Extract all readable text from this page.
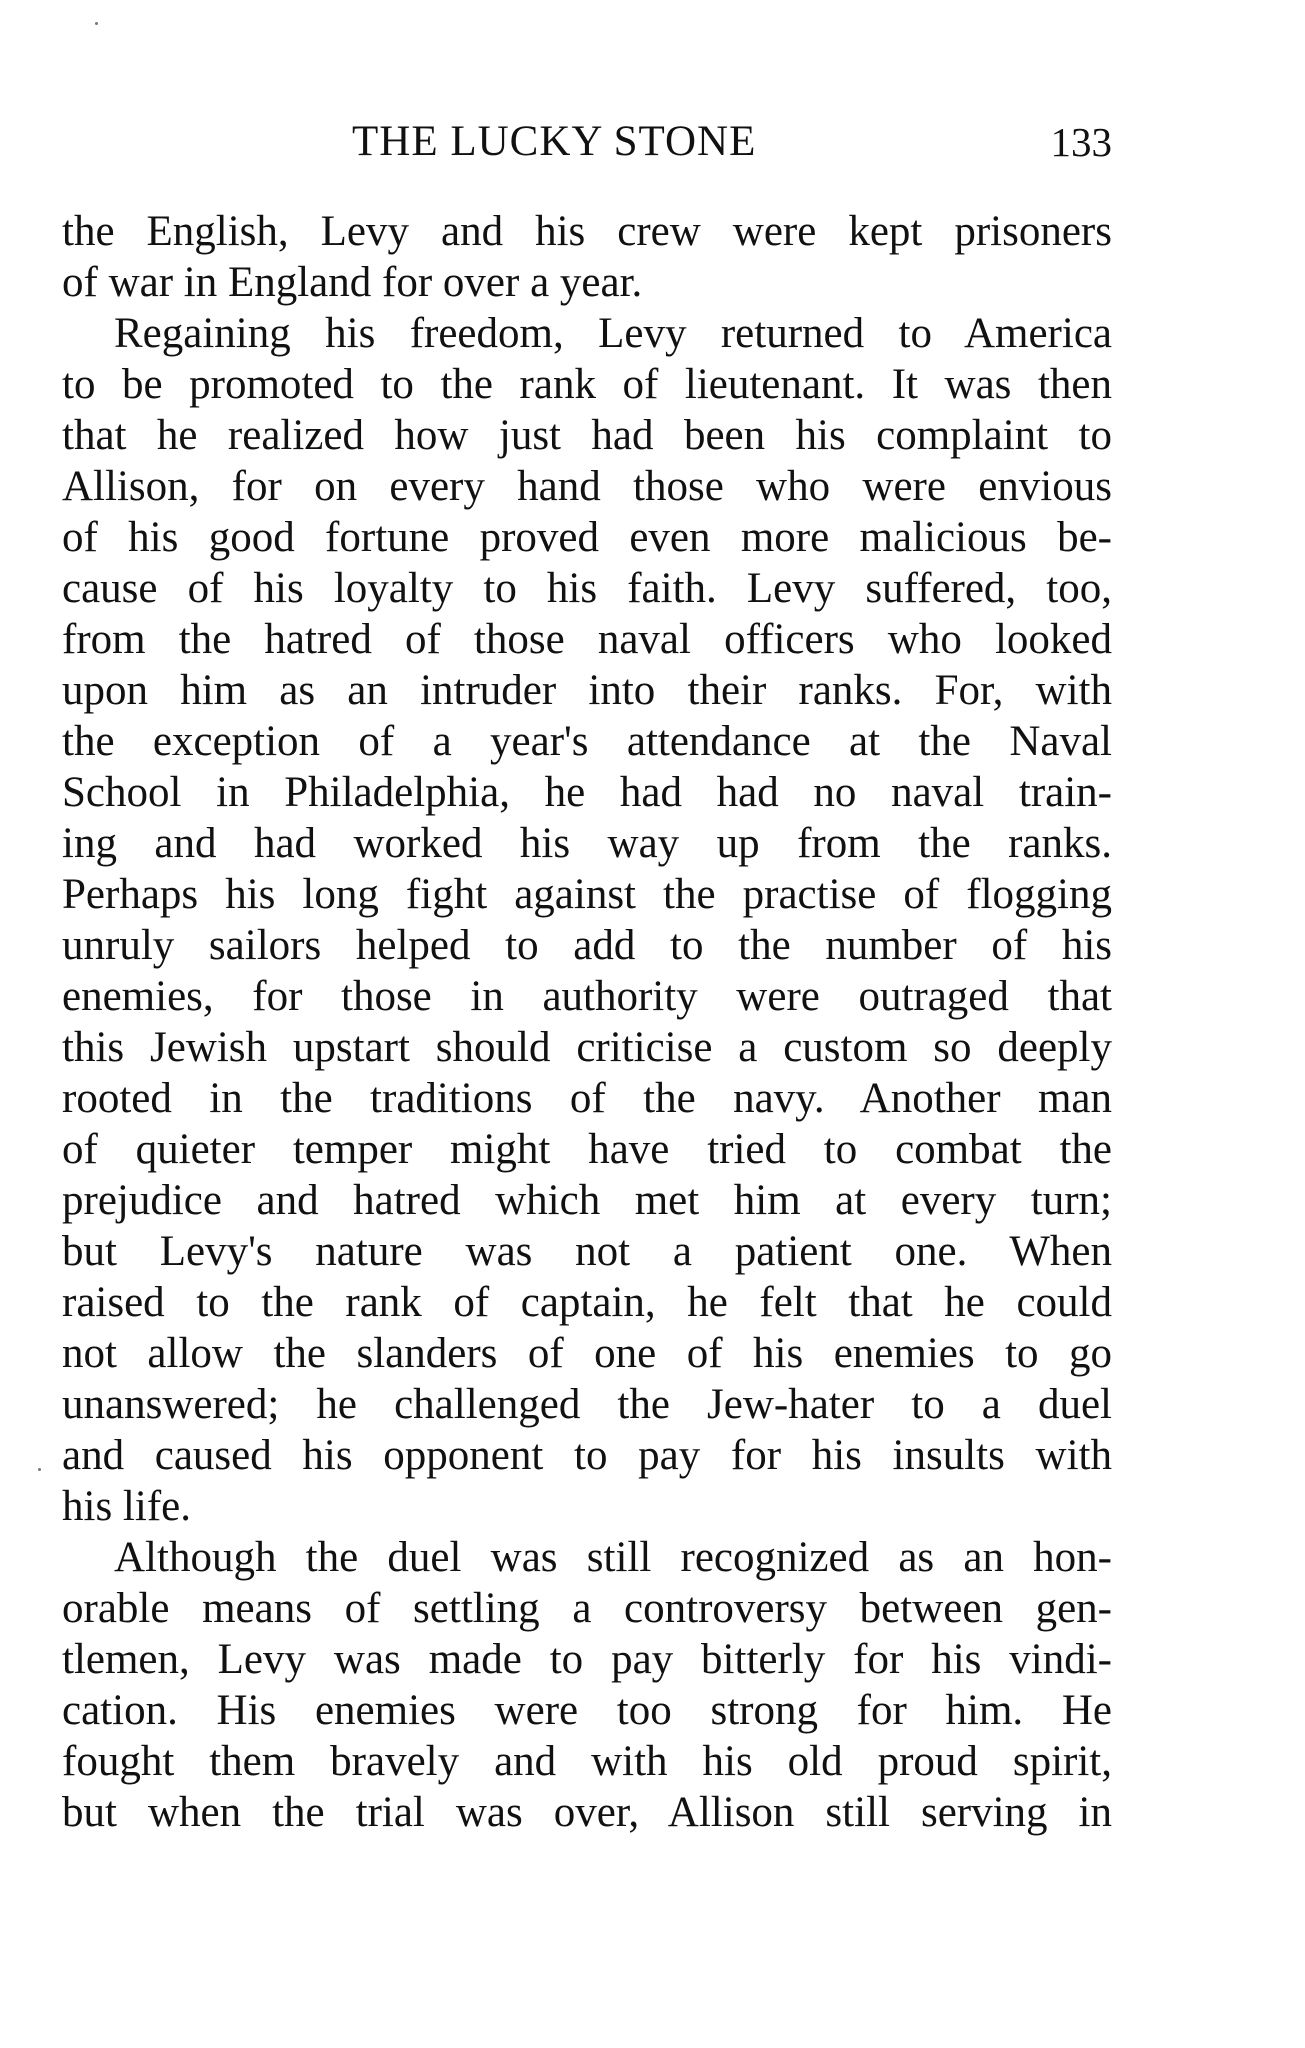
THE LUCKY STONE	133
the English, Levy and his crew were kept prisoners
of war in England for over a year.
Regaining his freedom, Levy returned to America
to be promoted to the rank of lieutenant. It was then
that he realized how just had been his complaint to
Allison, for on every hand those who were envious
of his good fortune proved even more malicious be-
cause of his loyalty to his faith. Levy suffered, too,
from the hatred of those naval officers who looked
upon him as an intruder into their ranks. For, with
the exception of a year's attendance at the Naval
School in Philadelphia, he had had no naval train-
ing and had worked his way up from the ranks.
Perhaps his long fight against the practise of flogging
unruly sailors helped to add to the number of his
enemies, for those in authority were outraged that
this Jewish upstart should criticise a custom so deeply
rooted in the traditions of the navy. Another man
of quieter temper might have tried to combat the
prejudice and hatred which met him at every turn;
but Levy's nature was not a patient one. When
raised to the rank of captain, he felt that he could
not allow the slanders of one of his enemies to go
unanswered; he challenged the Jew-hater to a duel
and caused his opponent to pay for his insults with
his life.
Although the duel was still recognized as an hon-
orable means of settling a controversy between gen-
tlemen, Levy was made to pay bitterly for his vindi-
cation. His enemies were too strong for him. He
fought them bravely and with his old proud spirit,
but when the trial was over, Allison still serving in
